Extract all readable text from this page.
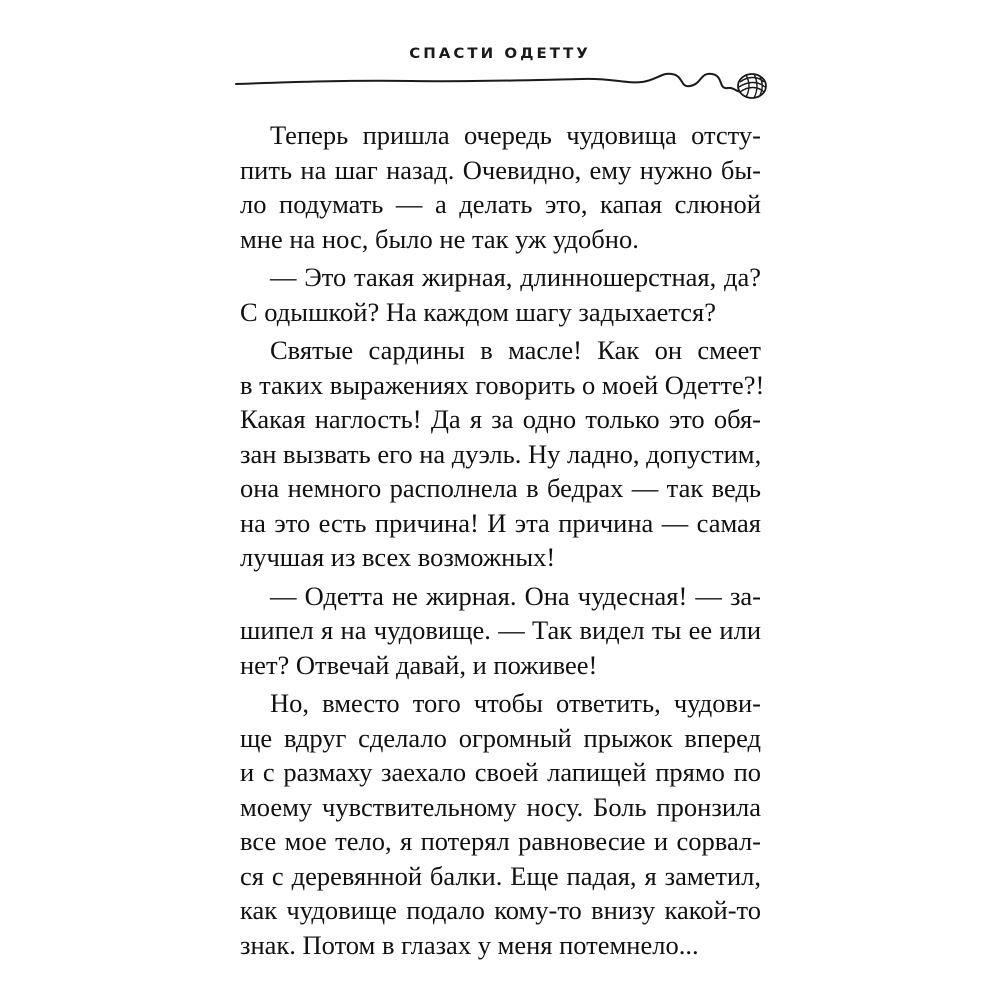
СПАСТИ ОДЕТТУ
Теперь пришла очередь чудовища отсту-
пить на шаг назад. Очевидно, ему нужно бы-
ло подумать — а делать это, капая слюной
мне на нос, было не так уж удобно.
— Это такая жирная, длинношерстная, да?
С одышкой? На каждом шагу задыхается?
Святые сардины в масле! Как он смеет
в таких выражениях говорить о моей Одетте?!
Какая наглость! Да я за одно только это обя-
зан вызвать его на дуэль. Ну ладно, допустим,
она немного располнела в бедрах — так ведь
на это есть причина! И эта причина — самая
лучшая из всех возможных!
— Одетта не жирная. Она чудесная! — за-
шипел я на чудовище. — Так видел ты ее или
нет? Отвечай давай, и поживее!
Но, вместо того чтобы ответить, чудови-
ще вдруг сделало огромный прыжок вперед
и с размаху заехало своей лапищей прямо по
моему чувствительному носу. Боль пронзила
все мое тело, я потерял равновесие и сорвал-
ся с деревянной балки. Еще падая, я заметил,
как чудовище подало кому-то внизу какой-то
знак. Потом в глазах у меня потемнело...
